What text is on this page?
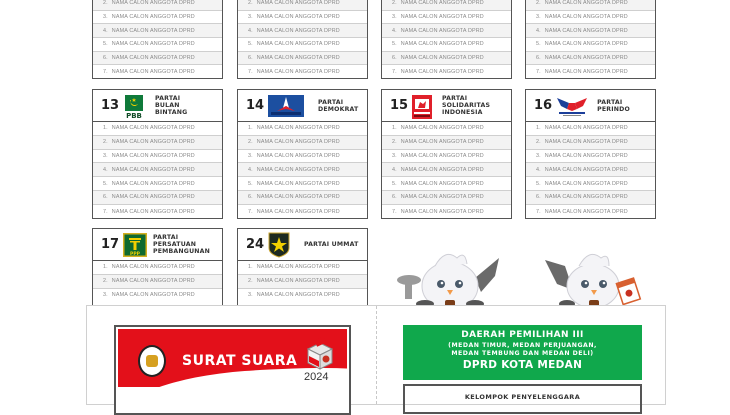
2. NAMA CALON ANGGOTA DPRD
3. NAMA CALON ANGGOTA DPRD
4. NAMA CALON ANGGOTA DPRD
5. NAMA CALON ANGGOTA DPRD
6. NAMA CALON ANGGOTA DPRD
7. NAMA CALON ANGGOTA DPRD
2. NAMA CALON ANGGOTA DPRD
3. NAMA CALON ANGGOTA DPRD
4. NAMA CALON ANGGOTA DPRD
5. NAMA CALON ANGGOTA DPRD
6. NAMA CALON ANGGOTA DPRD
7. NAMA CALON ANGGOTA DPRD
2. NAMA CALON ANGGOTA DPRD
3. NAMA CALON ANGGOTA DPRD
4. NAMA CALON ANGGOTA DPRD
5. NAMA CALON ANGGOTA DPRD
6. NAMA CALON ANGGOTA DPRD
7. NAMA CALON ANGGOTA DPRD
2. NAMA CALON ANGGOTA DPRD
3. NAMA CALON ANGGOTA DPRD
4. NAMA CALON ANGGOTA DPRD
5. NAMA CALON ANGGOTA DPRD
6. NAMA CALON ANGGOTA DPRD
7. NAMA CALON ANGGOTA DPRD
13
PBB
PARTAI
BULAN
BINTANG
1. NAMA CALON ANGGOTA DPRD
2. NAMA CALON ANGGOTA DPRD
3. NAMA CALON ANGGOTA DPRD
4. NAMA CALON ANGGOTA DPRD
5. NAMA CALON ANGGOTA DPRD
6. NAMA CALON ANGGOTA DPRD
7. NAMA CALON ANGGOTA DPRD
14	PARTAI
DEMOKRAT
1. NAMA CALON ANGGOTA DPRD
2. NAMA CALON ANGGOTA DPRD
3. NAMA CALON ANGGOTA DPRD
4. NAMA CALON ANGGOTA DPRD
5. NAMA CALON ANGGOTA DPRD
6. NAMA CALON ANGGOTA DPRD
7. NAMA CALON ANGGOTA DPRD
15	PARTAI
SOLIDARITAS
INDONESIA
1. NAMA CALON ANGGOTA DPRD
2. NAMA CALON ANGGOTA DPRD
3. NAMA CALON ANGGOTA DPRD
4. NAMA CALON ANGGOTA DPRD
5. NAMA CALON ANGGOTA DPRD
6. NAMA CALON ANGGOTA DPRD
7. NAMA CALON ANGGOTA DPRD
16	PARTAI PERINDO
1. NAMA CALON ANGGOTA DPRD
2. NAMA CALON ANGGOTA DPRD
3. NAMA CALON ANGGOTA DPRD
4. NAMA CALON ANGGOTA DPRD
5. NAMA CALON ANGGOTA DPRD
6. NAMA CALON ANGGOTA DPRD
7. NAMA CALON ANGGOTA DPRD
17
PPP
PARTAI
PERSATUAN
PEMBANGUNAN
1. NAMA CALON ANGGOTA DPRD
2. NAMA CALON ANGGOTA DPRD
3. NAMA CALON ANGGOTA DPRD
24	PARTAI UMMAT
1. NAMA CALON ANGGOTA DPRD
2. NAMA CALON ANGGOTA DPRD
3. NAMA CALON ANGGOTA DPRD
SURAT SUARA
2024
DAERAH PEMILIHAN III
(MEDAN TIMUR, MEDAN PERJUANGAN,
MEDAN TEMBUNG DAN MEDAN DELI)
DPRD KOTA MEDAN
KELOMPOK PENYELENGGARA
